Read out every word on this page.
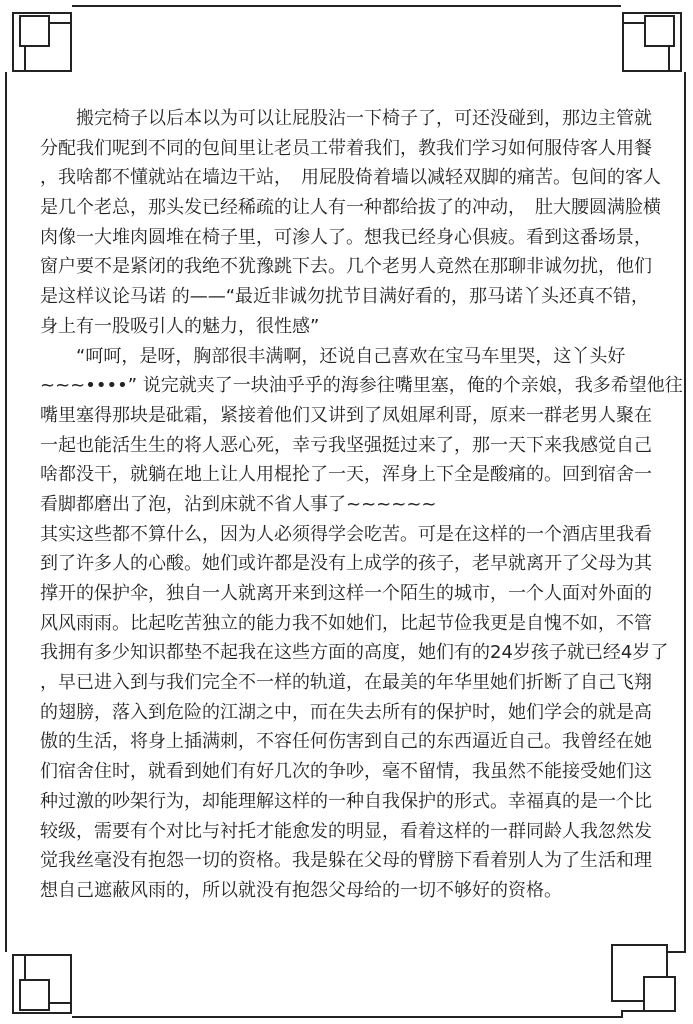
　　搬完椅子以后本以为可以让屁股沾一下椅子了，可还没碰到，那边主管就
分配我们呢到不同的包间里让老员工带着我们，教我们学习如何服侍客人用餐
，我啥都不懂就站在墙边干站，　用屁股倚着墙以减轻双脚的痛苦。包间的客人
是几个老总，那头发已经稀疏的让人有一种都给拔了的冲动，　肚大腰圆满脸横
肉像一大堆肉圆堆在椅子里，可渗人了。想我已经身心俱疲。看到这番场景，
窗户要不是紧闭的我绝不犹豫跳下去。几个老男人竟然在那聊非诚勿扰，他们
是这样议论马诺 的——“最近非诚勿扰节目满好看的，那马诺丫头还真不错，
身上有一股吸引人的魅力，很性感”
　　“呵呵，是呀，胸部很丰满啊，还说自己喜欢在宝马车里哭，这丫头好
~~~••••” 说完就夹了一块油乎乎的海参往嘴里塞，俺的个亲娘，我多希望他往
嘴里塞得那块是砒霜，紧接着他们又讲到了凤姐犀利哥，原来一群老男人聚在
一起也能活生生的将人恶心死，幸亏我坚强挺过来了，那一天下来我感觉自己
啥都没干，就躺在地上让人用棍抡了一天，浑身上下全是酸痛的。回到宿舍一
看脚都磨出了泡，沾到床就不省人事了~~~~~~
其实这些都不算什么，因为人必须得学会吃苦。可是在这样的一个酒店里我看
到了许多人的心酸。她们或许都是没有上成学的孩子，老早就离开了父母为其
撑开的保护伞，独自一人就离开来到这样一个陌生的城市，一个人面对外面的
风风雨雨。比起吃苦独立的能力我不如她们，比起节俭我更是自愧不如，不管
我拥有多少知识都垫不起我在这些方面的高度，她们有的24岁孩子就已经4岁了
，早已进入到与我们完全不一样的轨道，在最美的年华里她们折断了自己飞翔
的翅膀，落入到危险的江湖之中，而在失去所有的保护时，她们学会的就是高
傲的生活，将身上插满刺，不容任何伤害到自己的东西逼近自己。我曾经在她
们宿舍住时，就看到她们有好几次的争吵，毫不留情，我虽然不能接受她们这
种过激的吵架行为，却能理解这样的一种自我保护的形式。幸福真的是一个比
较级，需要有个对比与衬托才能愈发的明显，看着这样的一群同龄人我忽然发
觉我丝毫没有抱怨一切的资格。我是躲在父母的臂膀下看着别人为了生活和理
想自己遮蔽风雨的，所以就没有抱怨父母给的一切不够好的资格。
